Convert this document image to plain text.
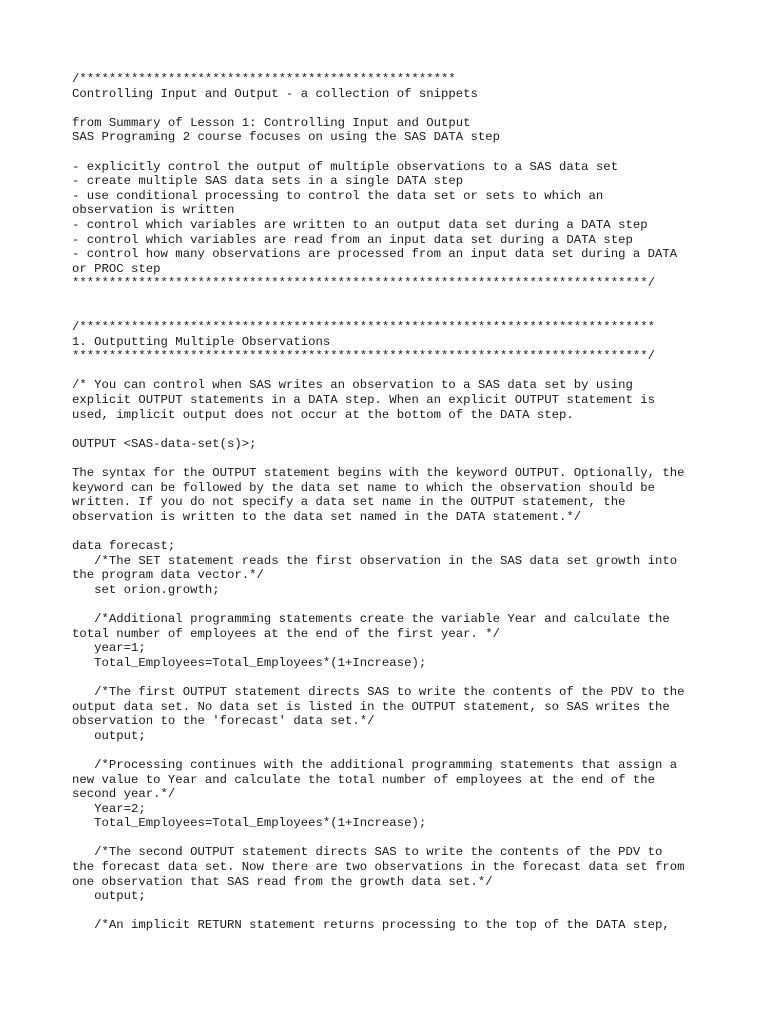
/***************************************************
Controlling Input and Output - a collection of snippets
from Summary of Lesson 1: Controlling Input and Output
SAS Programing 2 course focuses on using the SAS DATA step
- explicitly control the output of multiple observations to a SAS data set
- create multiple SAS data sets in a single DATA step
- use conditional processing to control the data set or sets to which an
observation is written
- control which variables are written to an output data set during a DATA step
- control which variables are read from an input data set during a DATA step
- control how many observations are processed from an input data set during a DATA
or PROC step
******************************************************************************/
/******************************************************************************
1. Outputting Multiple Observations
******************************************************************************/
/* You can control when SAS writes an observation to a SAS data set by using
explicit OUTPUT statements in a DATA step. When an explicit OUTPUT statement is
used, implicit output does not occur at the bottom of the DATA step.
OUTPUT <SAS-data-set(s)>;
The syntax for the OUTPUT statement begins with the keyword OUTPUT. Optionally, the
keyword can be followed by the data set name to which the observation should be
written. If you do not specify a data set name in the OUTPUT statement, the
observation is written to the data set named in the DATA statement.*/
data forecast;
/*The SET statement reads the first observation in the SAS data set growth into
the program data vector.*/
set orion.growth;
/*Additional programming statements create the variable Year and calculate the
total number of employees at the end of the first year. */
year=1;
Total_Employees=Total_Employees*(1+Increase);
/*The first OUTPUT statement directs SAS to write the contents of the PDV to the
output data set. No data set is listed in the OUTPUT statement, so SAS writes the
observation to the 'forecast' data set.*/
output;
/*Processing continues with the additional programming statements that assign a
new value to Year and calculate the total number of employees at the end of the
second year.*/
Year=2;
Total_Employees=Total_Employees*(1+Increase);
/*The second OUTPUT statement directs SAS to write the contents of the PDV to
the forecast data set. Now there are two observations in the forecast data set from
one observation that SAS read from the growth data set.*/
output;
/*An implicit RETURN statement returns processing to the top of the DATA step,
